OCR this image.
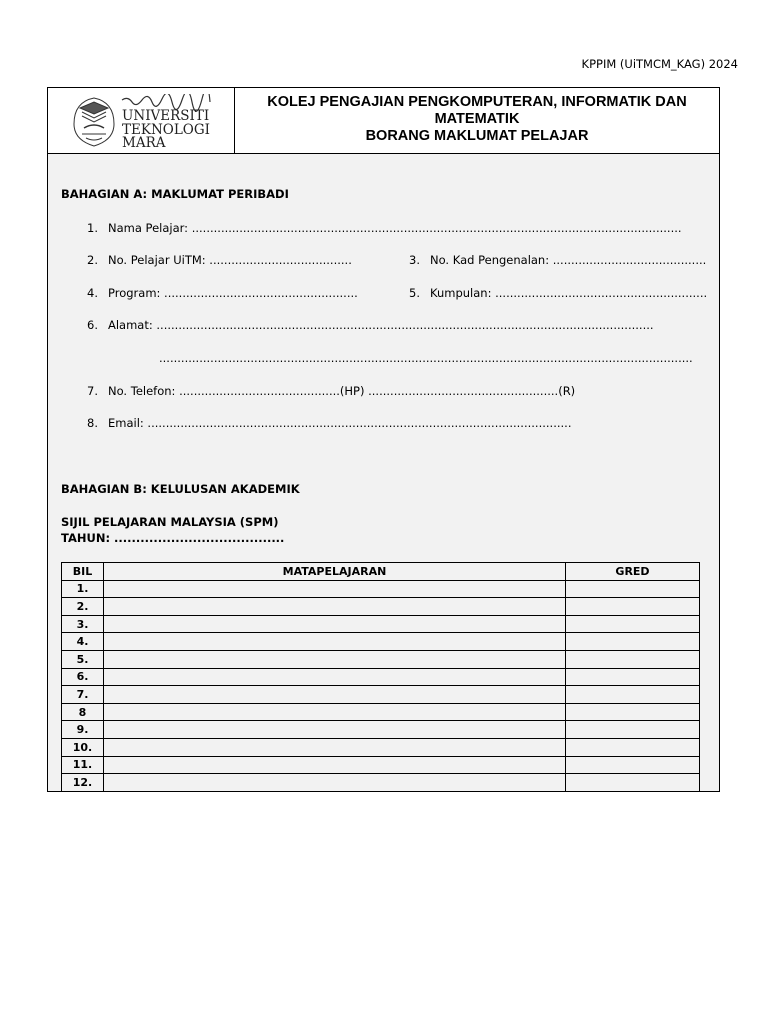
KPPIM (UiTMCM_KAG) 2024
UNIVERSITI
TEKNOLOGI
MARA
KOLEJ PENGAJIAN PENGKOMPUTERAN, INFORMATIK DAN
MATEMATIK
BORANG MAKLUMAT PELAJAR
BAHAGIAN A: MAKLUMAT PERIBADI
1. Nama Pelajar: ......................................................................................................................................
2. No. Pelajar UiTM: .......................................	3. No. Kad Pengenalan: ..........................................
4. Program: .....................................................	5. Kumpulan: ..........................................................
6. Alamat: ........................................................................................................................................
..................................................................................................................................................
7. No. Telefon: ............................................(HP) ....................................................(R)
8. Email: ....................................................................................................................
BAHAGIAN B: KELULUSAN AKADEMIK
SIJIL PELAJARAN MALAYSIA (SPM)
TAHUN: .......................................
BIL	MATAPELAJARAN	GRED
1.		
2.		
3.		
4.		
5.		
6.		
7.		
8		
9.		
10.		
11.		
12.		
